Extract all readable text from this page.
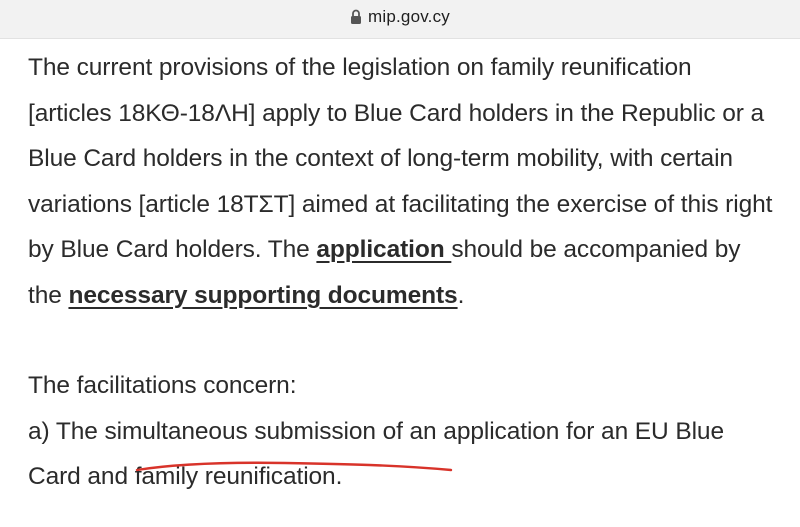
mip.gov.cy

The current provisions of the legislation on family reunification [articles 18ΚΘ-18ΛΗ] apply to Blue Card holders in the Republic or a Blue Card holders in the context of long-term mobility, with certain variations [article 18ΤΣΤ] aimed at facilitating the exercise of this right by Blue Card holders. The application should be accompanied by the necessary supporting documents.

The facilitations concern:

a) The simultaneous submission of an application for an EU Blue Card and family reunification.
